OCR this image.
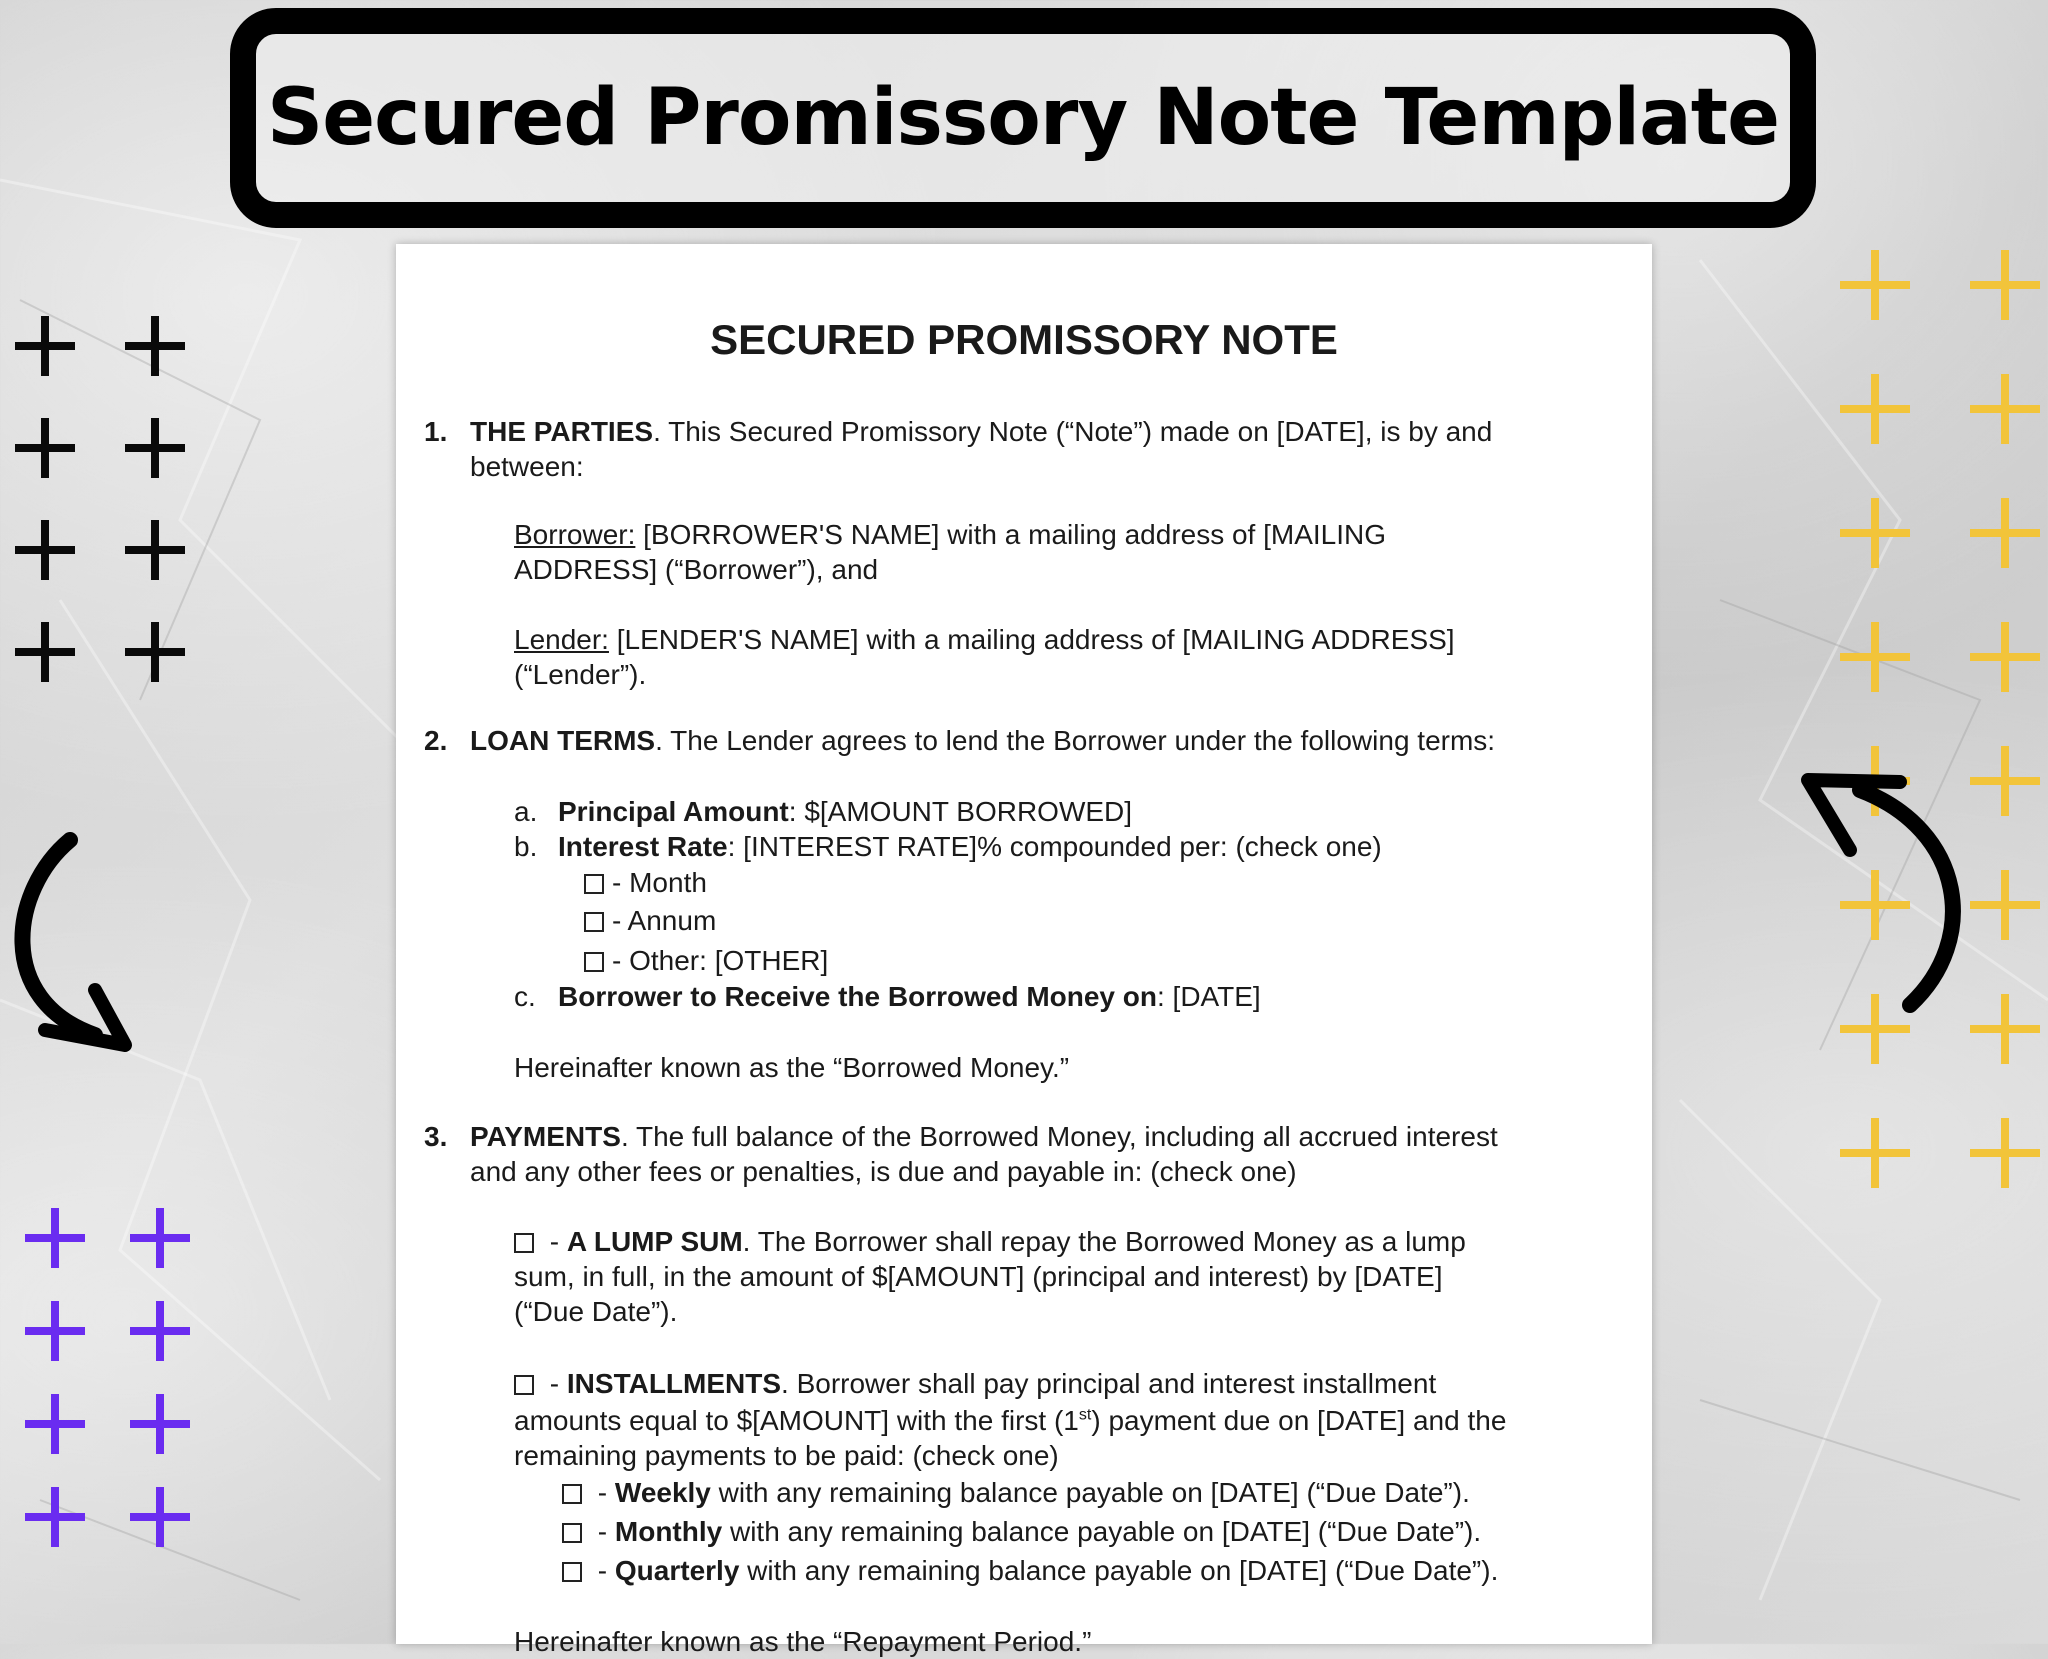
Secured Promissory Note Template
SECURED PROMISSORY NOTE
1. THE PARTIES. This Secured Promissory Note (“Note”) made on [DATE], is by and
between:
Borrower: [BORROWER'S NAME] with a mailing address of [MAILING
ADDRESS] (“Borrower”), and
Lender: [LENDER'S NAME] with a mailing address of [MAILING ADDRESS]
(“Lender”).
2. LOAN TERMS. The Lender agrees to lend the Borrower under the following terms:
a. Principal Amount: $[AMOUNT BORROWED]
b. Interest Rate: [INTEREST RATE]% compounded per: (check one)
- Month
- Annum
- Other: [OTHER]
c. Borrower to Receive the Borrowed Money on: [DATE]
Hereinafter known as the “Borrowed Money.”
3. PAYMENTS. The full balance of the Borrowed Money, including all accrued interest
and any other fees or penalties, is due and payable in: (check one)
- A LUMP SUM. The Borrower shall repay the Borrowed Money as a lump
sum, in full, in the amount of $[AMOUNT] (principal and interest) by [DATE]
(“Due Date”).
- INSTALLMENTS. Borrower shall pay principal and interest installment
amounts equal to $[AMOUNT] with the first (1st) payment due on [DATE] and the
remaining payments to be paid: (check one)
- Weekly with any remaining balance payable on [DATE] (“Due Date”).
- Monthly with any remaining balance payable on [DATE] (“Due Date”).
- Quarterly with any remaining balance payable on [DATE] (“Due Date”).
Hereinafter known as the “Repayment Period.”
